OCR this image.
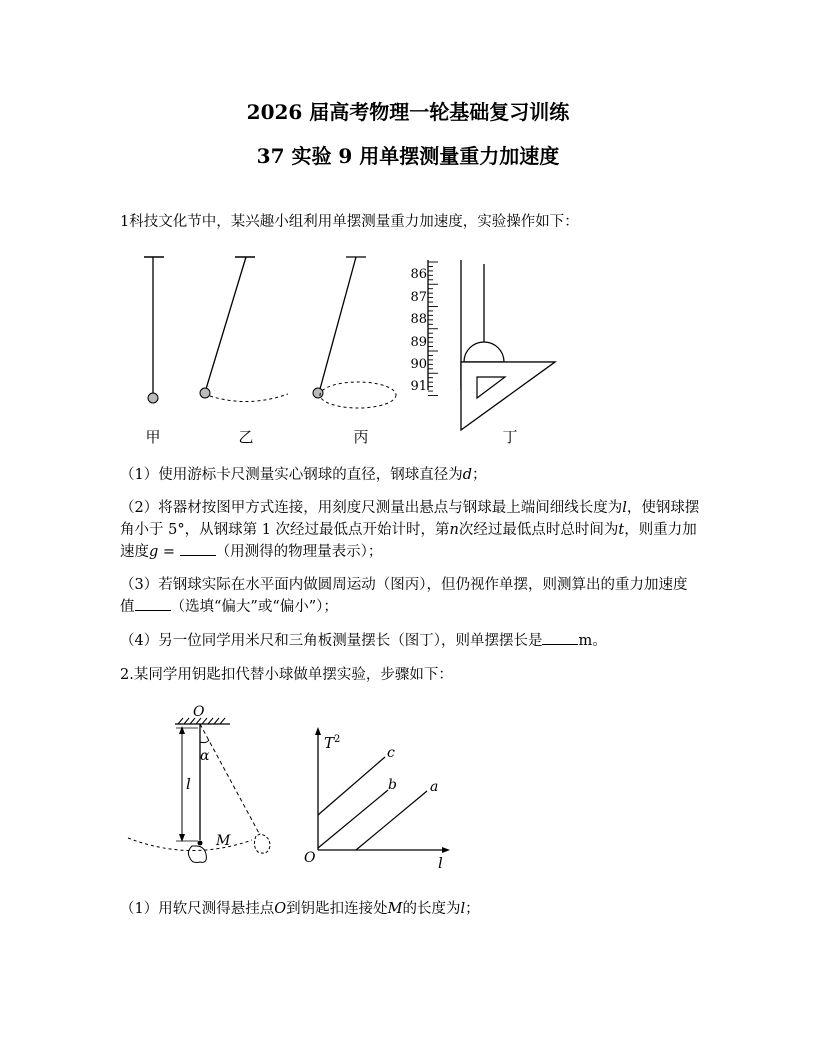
2026 届高考物理一轮基础复习训练
37 实验 9 用单摆测量重力加速度
1科技文化节中，某兴趣小组利用单摆测量重力加速度，实验操作如下：
86
87
88
89
90
91
甲	乙	丙	丁
（1）使用游标卡尺测量实心钢球的直径，钢球直径为d；
（2）将器材按图甲方式连接，用刻度尺测量出悬点与钢球最上端间细线长度为l，使钢球摆角小于 5°，从钢球第 1 次经过最低点开始计时，第n次经过最低点时总时间为t，则重力加速度g = （用测得的物理量表示）；
（3）若钢球实际在水平面内做圆周运动（图丙），但仍视作单摆，则测算出的重力加速度值 （选填“偏大”或“偏小”）；
（4）另一位同学用米尺和三角板测量摆长（图丁），则单摆摆长是 m。
2.某同学用钥匙扣代替小球做单摆实验，步骤如下：
O
α
l
M
$T^2$
l
O
c
b a
（1）用软尺测得悬挂点O到钥匙扣连接处M的长度为l；
